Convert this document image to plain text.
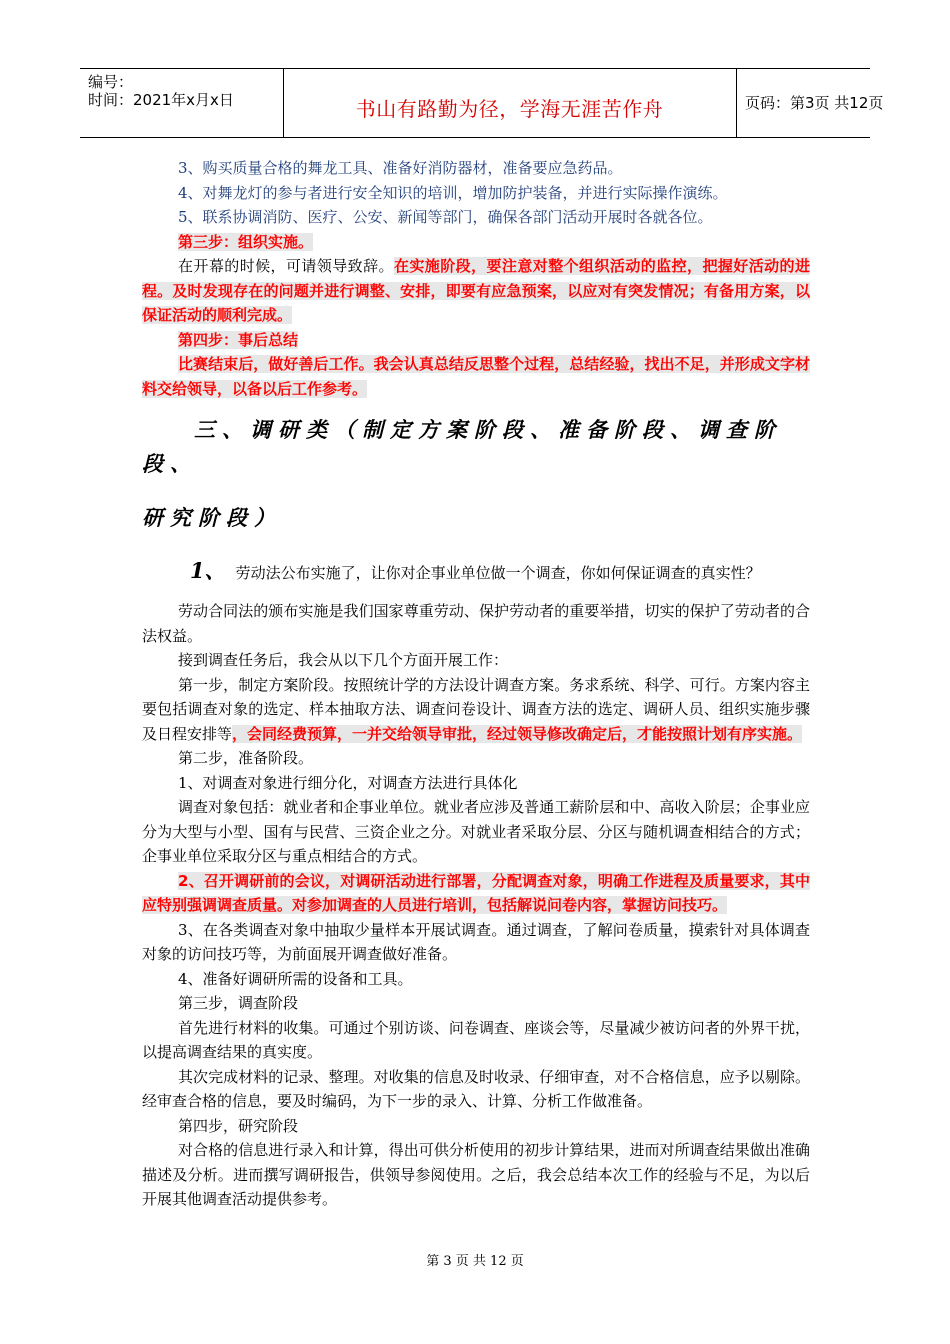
编号：
时间：2021年x月x日	书山有路勤为径，学海无涯苦作舟	页码：第3页 共12页

3、购买质量合格的舞龙工具、准备好消防器材，准备要应急药品。

4、对舞龙灯的参与者进行安全知识的培训，增加防护装备，并进行实际操作演练。

5、联系协调消防、医疗、公安、新闻等部门，确保各部门活动开展时各就各位。

第三步：组织实施。

在开幕的时候，可请领导致辞。在实施阶段，要注意对整个组织活动的监控，把握好活动的进程。及时发现存在的问题并进行调整、安排，即要有应急预案，以应对有突发情况；有备用方案，以保证活动的顺利完成。

第四步：事后总结

比赛结束后，做好善后工作。我会认真总结反思整个过程，总结经验，找出不足，并形成文字材料交给领导，以备以后工作参考。

三、调研类（制定方案阶段、准备阶段、调查阶段、
研究阶段）

1、 劳动法公布实施了，让你对企事业单位做一个调查，你如何保证调查的真实性？

劳动合同法的颁布实施是我们国家尊重劳动、保护劳动者的重要举措，切实的保护了劳动者的合法权益。

接到调查任务后，我会从以下几个方面开展工作：

第一步，制定方案阶段。按照统计学的方法设计调查方案。务求系统、科学、可行。方案内容主要包括调查对象的选定、样本抽取方法、调查问卷设计、调查方法的选定、调研人员、组织实施步骤及日程安排等，会同经费预算，一并交给领导审批，经过领导修改确定后，才能按照计划有序实施。

第二步，准备阶段。

1、对调查对象进行细分化，对调查方法进行具体化

调查对象包括：就业者和企事业单位。就业者应涉及普通工薪阶层和中、高收入阶层；企事业应分为大型与小型、国有与民营、三资企业之分。对就业者采取分层、分区与随机调查相结合的方式；企事业单位采取分区与重点相结合的方式。

2、召开调研前的会议，对调研活动进行部署，分配调查对象，明确工作进程及质量要求，其中应特别强调调查质量。对参加调查的人员进行培训，包括解说问卷内容，掌握访问技巧。

3、在各类调查对象中抽取少量样本开展试调查。通过调查，了解问卷质量，摸索针对具体调查对象的访问技巧等，为前面展开调查做好准备。

4、准备好调研所需的设备和工具。

第三步，调查阶段

首先进行材料的收集。可通过个别访谈、问卷调查、座谈会等，尽量减少被访问者的外界干扰，以提高调查结果的真实度。

其次完成材料的记录、整理。对收集的信息及时收录、仔细审查，对不合格信息，应予以剔除。经审查合格的信息，要及时编码，为下一步的录入、计算、分析工作做准备。

第四步，研究阶段

对合格的信息进行录入和计算，得出可供分析使用的初步计算结果，进而对所调查结果做出准确描述及分析。进而撰写调研报告，供领导参阅使用。之后，我会总结本次工作的经验与不足，为以后开展其他调查活动提供参考。

第 3 页 共 12 页
